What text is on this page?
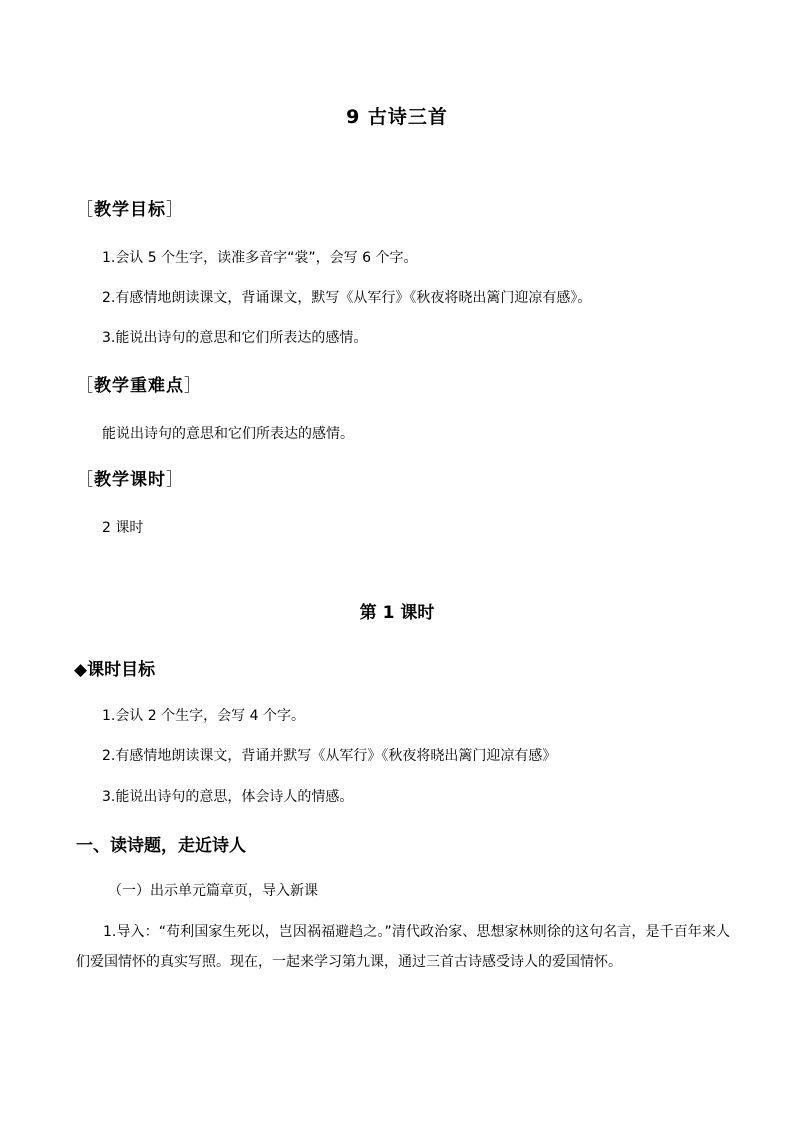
9 古诗三首
［教学目标］
1.会认 5 个生字，读准多音字“裳”，会写 6 个字。
2.有感情地朗读课文，背诵课文，默写《从军行》《秋夜将晓出篱门迎凉有感》。
3.能说出诗句的意思和它们所表达的感情。
［教学重难点］
能说出诗句的意思和它们所表达的感情。
［教学课时］
2 课时
第 1 课时
◆课时目标
1.会认 2 个生字，会写 4 个字。
2.有感情地朗读课文，背诵并默写《从军行》《秋夜将晓出篱门迎凉有感》
3.能说出诗句的意思，体会诗人的情感。
一、读诗题，走近诗人
（一）出示单元篇章页，导入新课
1.导入：“苟利国家生死以，岂因祸福避趋之。”清代政治家、思想家林则徐的这句名言，是千百年来人们爱国情怀的真实写照。现在，一起来学习第九课，通过三首古诗感受诗人的爱国情怀。
